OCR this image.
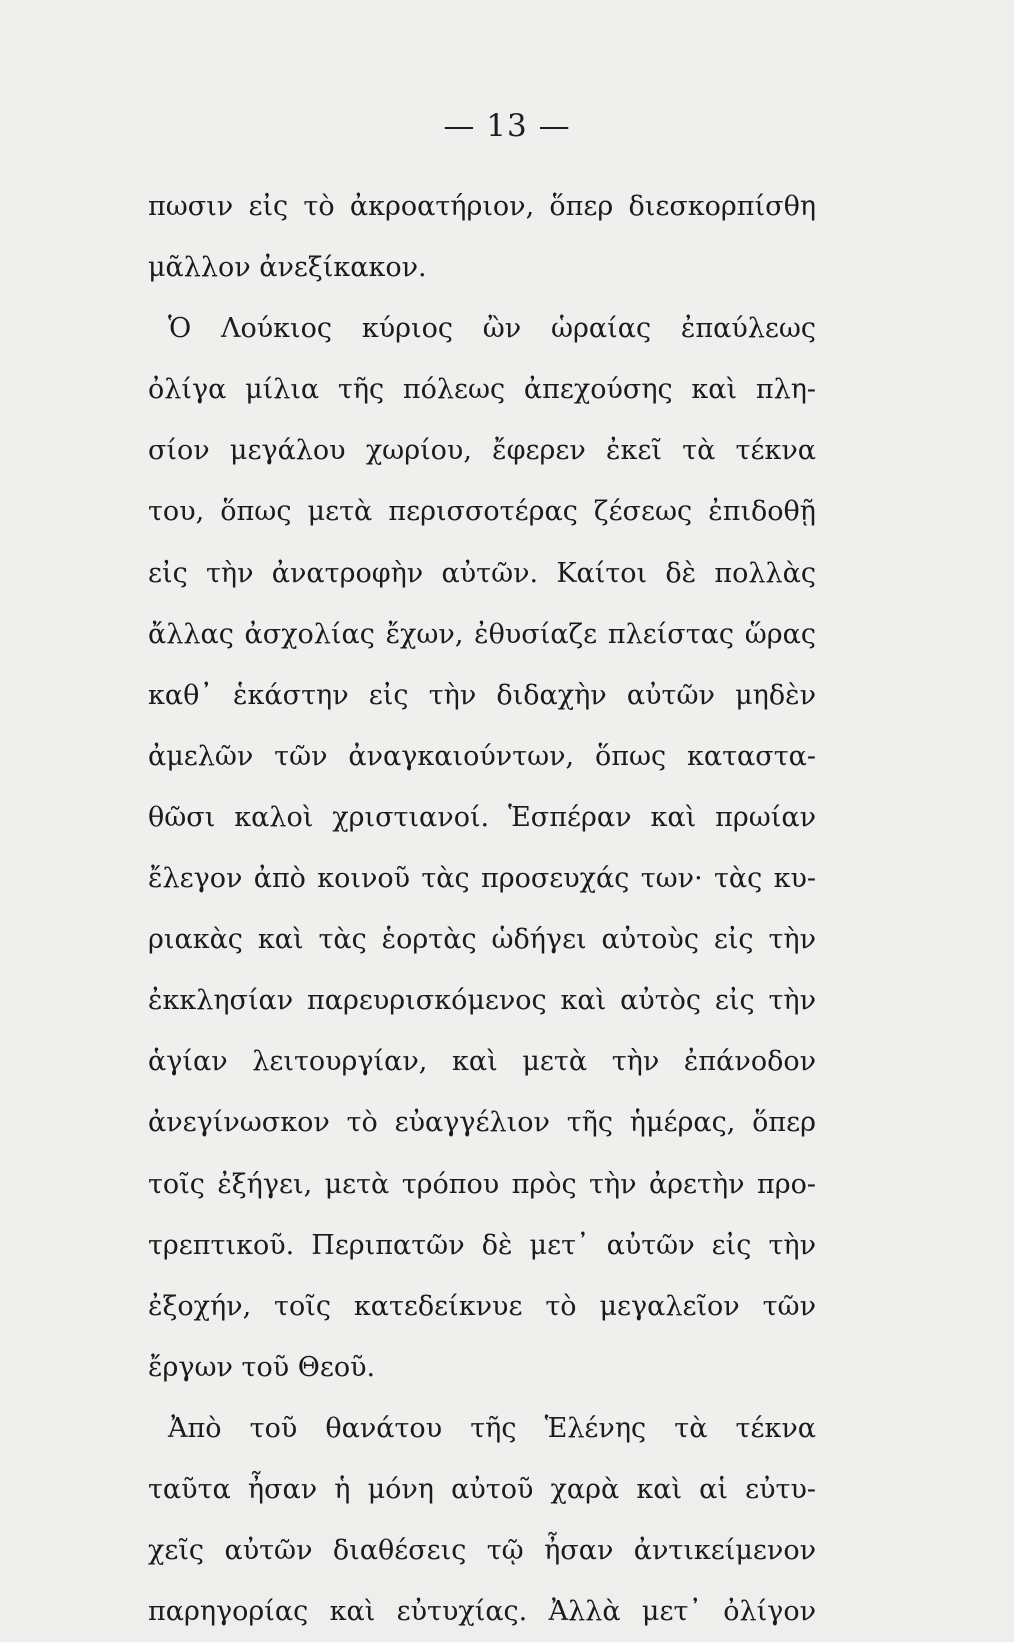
— 13 —
πωσιν εἰς τὸ ἀκροατήριον, ὅπερ διεσκορπίσθη
μᾶλλον ἀνεξίκακον.
Ὁ Λούκιος κύριος ὢν ὡραίας ἐπαύλεως
ὀλίγα μίλια τῆς πόλεως ἀπεχούσης καὶ πλη-
σίον μεγάλου χωρίου, ἔφερεν ἐκεῖ τὰ τέκνα
του, ὅπως μετὰ περισσοτέρας ζέσεως ἐπιδοθῇ
εἰς τὴν ἀνατροφὴν αὐτῶν. Καίτοι δὲ πολλὰς
ἄλλας ἀσχολίας ἔχων, ἐθυσίαζε πλείστας ὥρας
καθ᾽ ἑκάστην εἰς τὴν διδαχὴν αὐτῶν μηδὲν
ἀμελῶν τῶν ἀναγκαιούντων, ὅπως καταστα-
θῶσι καλοὶ χριστιανοί. Ἑσπέραν καὶ πρωίαν
ἔλεγον ἀπὸ κοινοῦ τὰς προσευχάς των· τὰς κυ-
ριακὰς καὶ τὰς ἑορτὰς ὡδήγει αὐτοὺς εἰς τὴν
ἐκκλησίαν παρευρισκόμενος καὶ αὐτὸς εἰς τὴν
ἁγίαν λειτουργίαν, καὶ μετὰ τὴν ἐπάνοδον
ἀνεγίνωσκον τὸ εὐαγγέλιον τῆς ἡμέρας, ὅπερ
τοῖς ἐξήγει, μετὰ τρόπου πρὸς τὴν ἀρετὴν προ-
τρεπτικοῦ. Περιπατῶν δὲ μετ᾽ αὐτῶν εἰς τὴν
ἐξοχήν, τοῖς κατεδείκνυε τὸ μεγαλεῖον τῶν
ἔργων τοῦ Θεοῦ.
Ἀπὸ τοῦ θανάτου τῆς Ἑλένης τὰ τέκνα
ταῦτα ἦσαν ἡ μόνη αὐτοῦ χαρὰ καὶ αἱ εὐτυ-
χεῖς αὐτῶν διαθέσεις τῷ ἦσαν ἀντικείμενον
παρηγορίας καὶ εὐτυχίας. Ἀλλὰ μετ᾽ ὀλίγον
